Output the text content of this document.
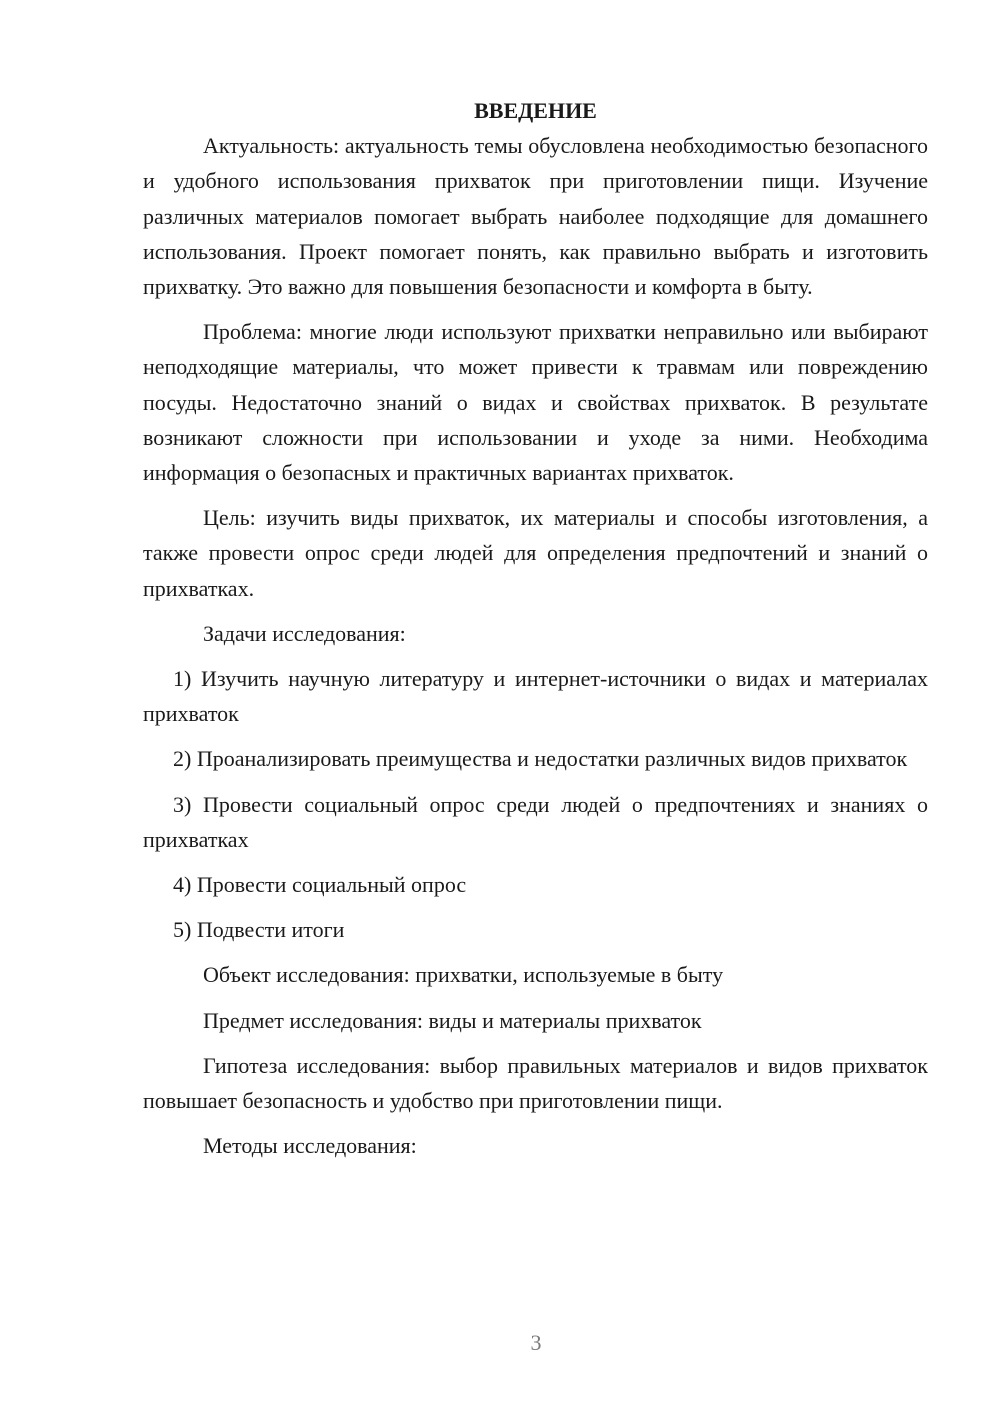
ВВЕДЕНИЕ

Актуальность: актуальность темы обусловлена необходимостью безопасного и удобного использования прихваток при приготовлении пищи. Изучение различных материалов помогает выбрать наиболее подходящие для домашнего использования. Проект помогает понять, как правильно выбрать и изготовить прихватку. Это важно для повышения безопасности и комфорта в быту.

Проблема: многие люди используют прихватки неправильно или выбирают неподходящие материалы, что может привести к травмам или повреждению посуды. Недостаточно знаний о видах и свойствах прихваток. В результате возникают сложности при использовании и уходе за ними. Необходима информация о безопасных и практичных вариантах прихваток.

Цель: изучить виды прихваток, их материалы и способы изготовления, а также провести опрос среди людей для определения предпочтений и знаний о прихватках.

Задачи исследования:

1) Изучить научную литературу и интернет-источники о видах и материалах прихваток

2) Проанализировать преимущества и недостатки различных видов прихваток

3) Провести социальный опрос среди людей о предпочтениях и знаниях о прихватках

4) Провести социальный опрос

5) Подвести итоги

Объект исследования: прихватки, используемые в быту

Предмет исследования: виды и материалы прихваток

Гипотеза исследования: выбор правильных материалов и видов прихваток повышает безопасность и удобство при приготовлении пищи.

Методы исследования:

3
